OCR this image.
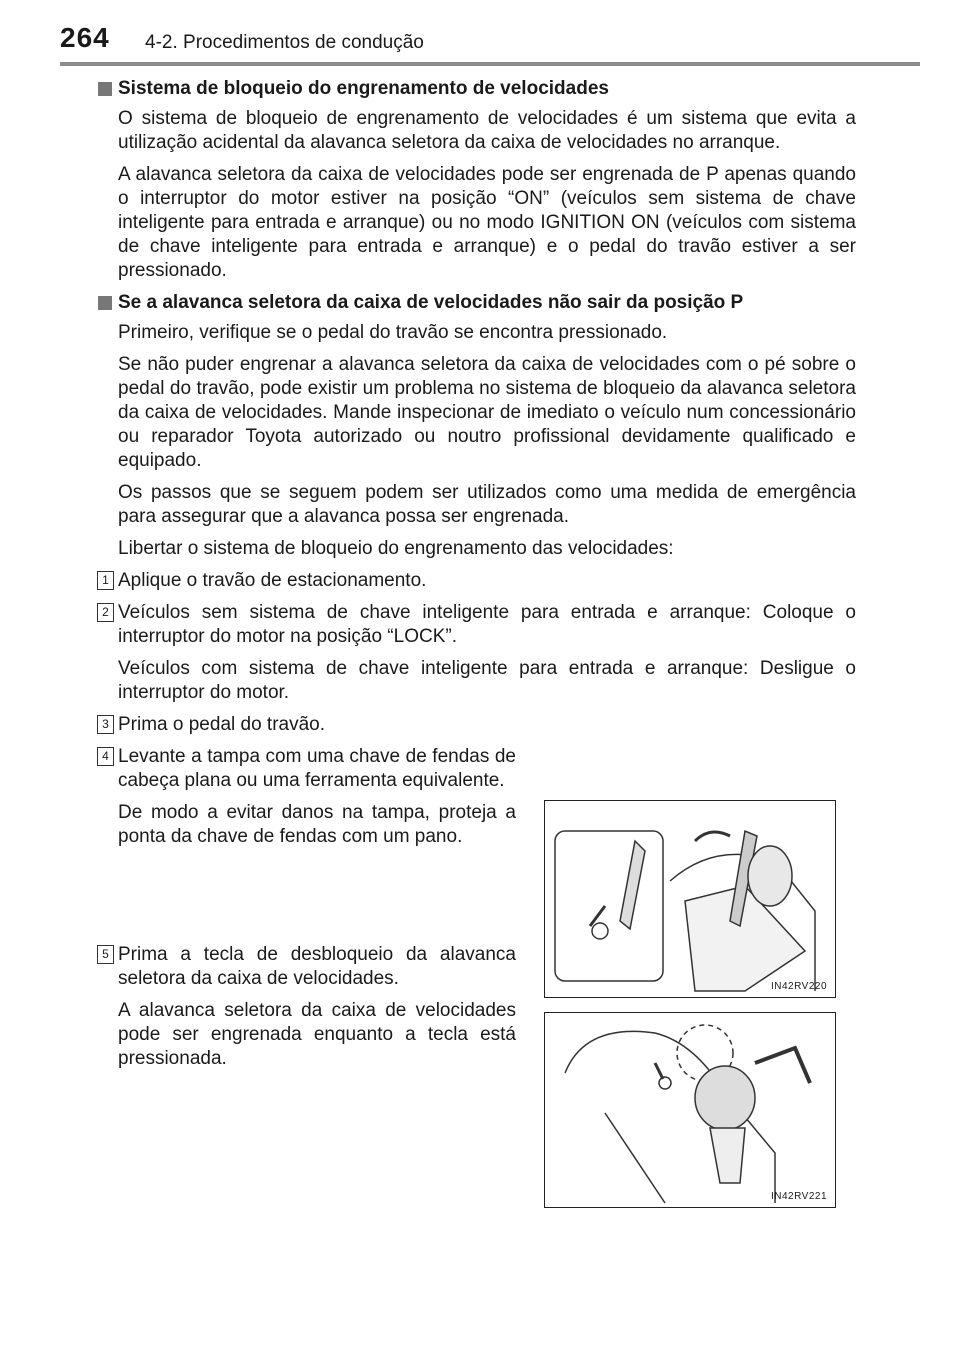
264 4-2. Procedimentos de condução
Sistema de bloqueio do engrenamento de velocidades

O sistema de bloqueio de engrenamento de velocidades é um sistema que evita a utilização acidental da alavanca seletora da caixa de velocidades no arranque.

A alavanca seletora da caixa de velocidades pode ser engrenada de P apenas quando o interruptor do motor estiver na posição “ON” (veículos sem sistema de chave inteligente para entrada e arranque) ou no modo IGNITION ON (veículos com sistema de chave inteligente para entrada e arranque) e o pedal do travão estiver a ser pressionado.

Se a alavanca seletora da caixa de velocidades não sair da posição P

Primeiro, verifique se o pedal do travão se encontra pressionado.

Se não puder engrenar a alavanca seletora da caixa de velocidades com o pé sobre o pedal do travão, pode existir um problema no sistema de bloqueio da alavanca seletora da caixa de velocidades. Mande inspecionar de imediato o veículo num concessionário ou reparador Toyota autorizado ou noutro profissional devidamente qualificado e equipado.

Os passos que se seguem podem ser utilizados como uma medida de emergência para assegurar que a alavanca possa ser engrenada.

Libertar o sistema de bloqueio do engrenamento das velocidades:

1 Aplique o travão de estacionamento.

2 Veículos sem sistema de chave inteligente para entrada e arranque: Coloque o interruptor do motor na posição “LOCK”.

Veículos com sistema de chave inteligente para entrada e arranque: Desligue o interruptor do motor.

3 Prima o pedal do travão.

4 Levante a tampa com uma chave de fendas de cabeça plana ou uma ferramenta equivalente.

De modo a evitar danos na tampa, proteja a ponta da chave de fendas com um pano.

5 Prima a tecla de desbloqueio da alavanca seletora da caixa de velocidades.

A alavanca seletora da caixa de velocidades pode ser engrenada enquanto a tecla está pressionada.

IN42RV220
IN42RV221
